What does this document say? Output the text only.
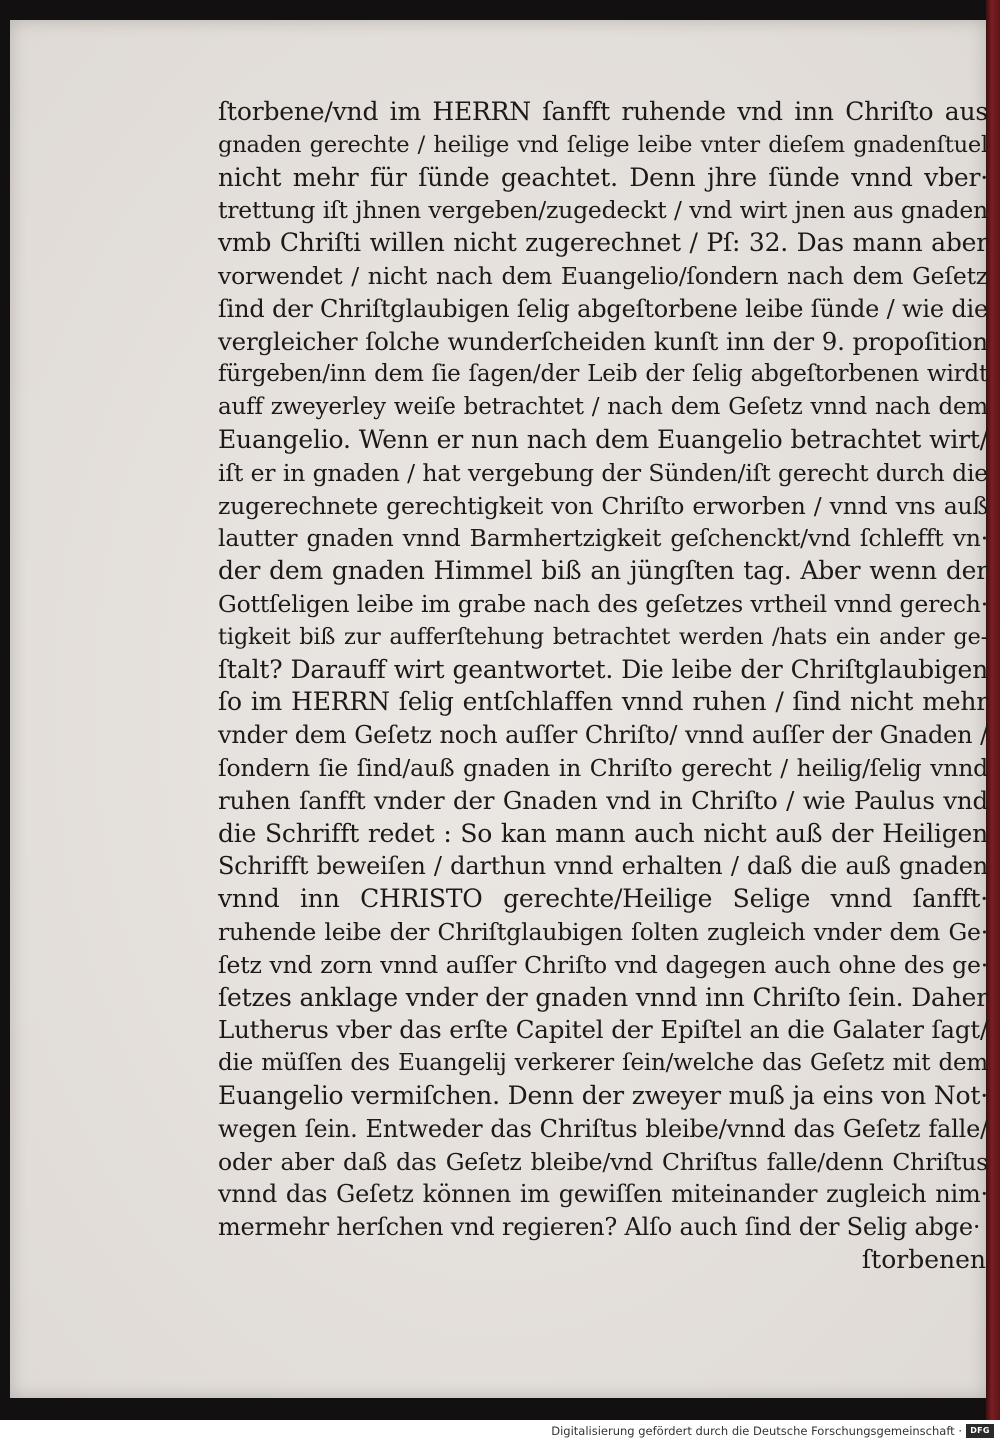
ſtorbene/vnd im HERRN ſanfft ruhende vnd inn Chriſto aus
gnaden gerechte / heilige vnd ſelige leibe vnter dieſem gnadenſtuel
nicht mehr für ſünde geachtet. Denn jhre ſünde vnnd vber·
trettung iſt jhnen vergeben/zugedeckt / vnd wirt jnen aus gnaden
vmb Chriſti willen nicht zugerechnet / Pſ: 32. Das mann aber
vorwendet / nicht nach dem Euangelio/ſondern nach dem Geſetz
ſind der Chriſtglaubigen ſelig abgeſtorbene leibe ſünde / wie die
vergleicher ſolche wunderſcheiden kunſt inn der 9. propoſition
fürgeben/inn dem ſie ſagen/der Leib der ſelig abgeſtorbenen wirdt
auff zweyerley weiſe betrachtet / nach dem Geſetz vnnd nach dem
Euangelio. Wenn er nun nach dem Euangelio betrachtet wirt/
iſt er in gnaden / hat vergebung der Sünden/iſt gerecht durch die
zugerechnete gerechtigkeit von Chriſto erworben / vnnd vns auß
lautter gnaden vnnd Barmhertzigkeit geſchenckt/vnd ſchlefft vn·
der dem gnaden Himmel biß an jüngſten tag. Aber wenn der
Gottſeligen leibe im grabe nach des geſetzes vrtheil vnnd gerech·
tigkeit biß zur aufferſtehung betrachtet werden /hats ein ander ge-
ſtalt? Darauff wirt geantwortet. Die leibe der Chriſtglaubigen
ſo im HERRN ſelig entſchlaffen vnnd ruhen / ſind nicht mehr
vnder dem Geſetz noch auſſer Chriſto/ vnnd auſſer der Gnaden /
ſondern ſie ſind/auß gnaden in Chriſto gerecht / heilig/ſelig vnnd
ruhen ſanfft vnder der Gnaden vnd in Chriſto / wie Paulus vnd
die Schrifft redet : So kan mann auch nicht auß der Heiligen
Schrifft beweiſen / darthun vnnd erhalten / daß die auß gnaden
vnnd inn CHRISTO gerechte/Heilige Selige vnnd ſanfft·
ruhende leibe der Chriſtglaubigen ſolten zugleich vnder dem Ge·
ſetz vnd zorn vnnd auſſer Chriſto vnd dagegen auch ohne des ge·
ſetzes anklage vnder der gnaden vnnd inn Chriſto ſein. Daher
Lutherus vber das erſte Capitel der Epiſtel an die Galater ſagt/
die müſſen des Euangelij verkerer ſein/welche das Geſetz mit dem
Euangelio vermiſchen. Denn der zweyer muß ja eins von Not·
wegen ſein. Entweder das Chriſtus bleibe/vnnd das Geſetz falle/
oder aber daß das Geſetz bleibe/vnd Chriſtus falle/denn Chriſtus
vnnd das Geſetz können im gewiſſen miteinander zugleich nim·
mermehr herſchen vnd regieren? Alſo auch ſind der Selig abge·
ſtorbenen
Digitalisierung gefördert durch die Deutsche Forschungsgemeinschaft ·	DFG
